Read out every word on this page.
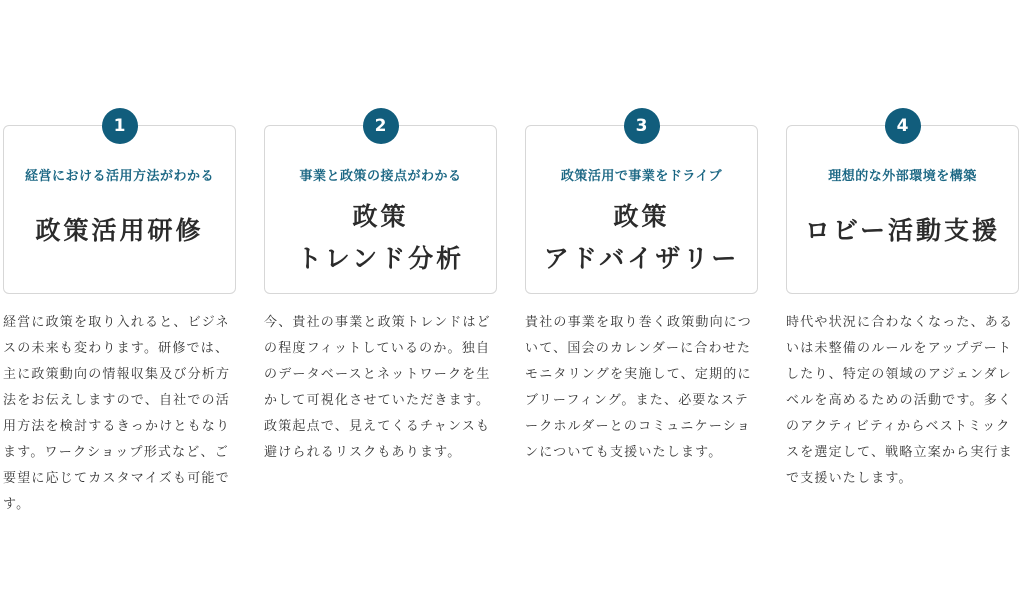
1
経営における活用方法がわかる
政策活用研修

経営に政策を取り入れると、ビジネスの未来も変わります。研修では、主に政策動向の情報収集及び分析方法をお伝えしますので、自社での活用方法を検討するきっかけともなります。ワークショップ形式など、ご要望に応じてカスタマイズも可能です。

2
事業と政策の接点がわかる
政策
トレンド分析

今、貴社の事業と政策トレンドはどの程度フィットしているのか。独自のデータベースとネットワークを生かして可視化させていただきます。政策起点で、見えてくるチャンスも避けられるリスクもあります。

3
政策活用で事業をドライブ
政策
アドバイザリー

貴社の事業を取り巻く政策動向について、国会のカレンダーに合わせたモニタリングを実施して、定期的にブリーフィング。また、必要なステークホルダーとのコミュニケーションについても支援いたします。

4
理想的な外部環境を構築
ロビー活動支援

時代や状況に合わなくなった、あるいは未整備のルールをアップデートしたり、特定の領域のアジェンダレベルを高めるための活動です。多くのアクティビティからベストミックスを選定して、戦略立案から実行まで支援いたします。
